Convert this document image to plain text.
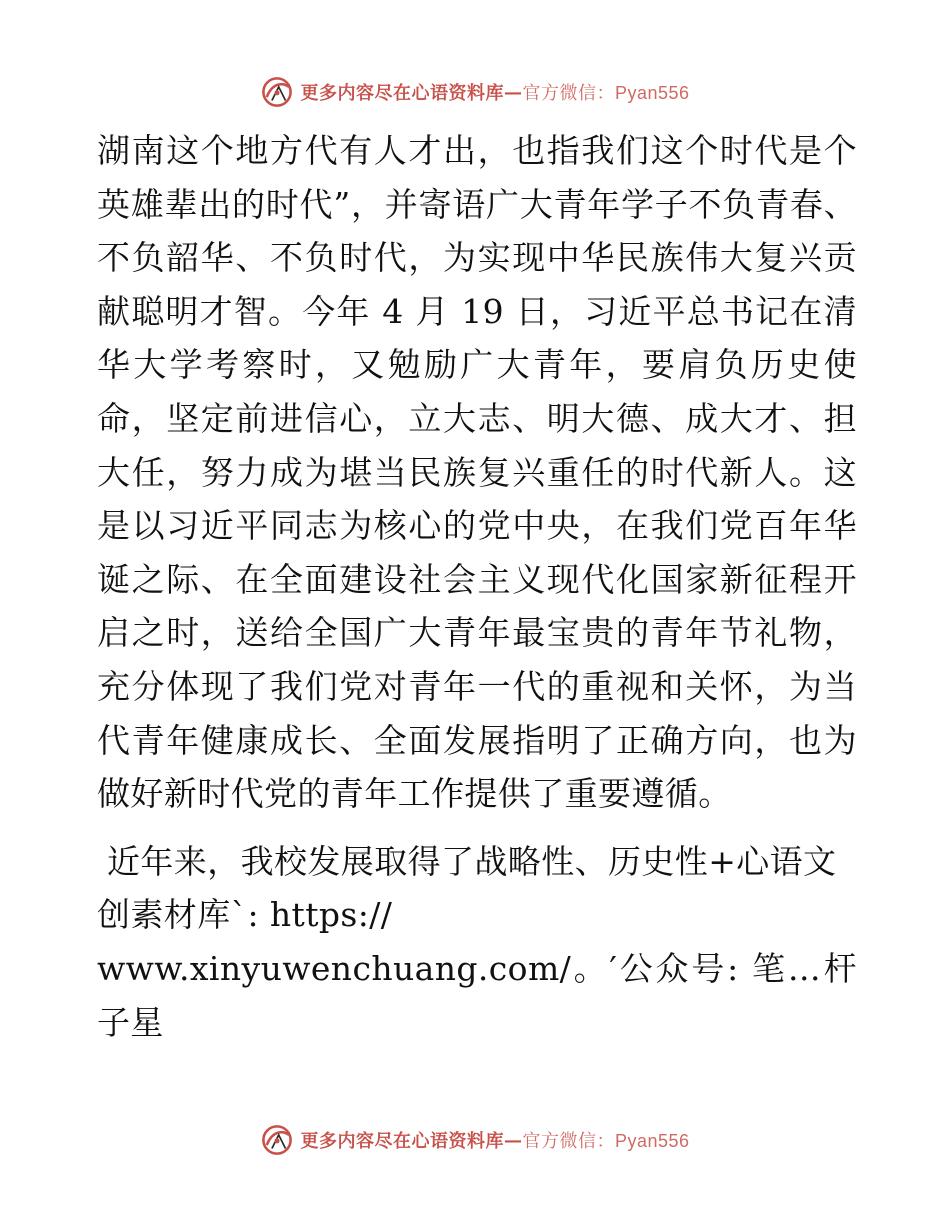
更多内容尽在心语资料库 — 官方微信：Pyan556

湖南这个地方代有人才出，也指我们这个时代是个英雄辈出的时代”，并寄语广大青年学子不负青春、不负韶华、不负时代，为实现中华民族伟大复兴贡献聪明才智。今年 4 月 19 日，习近平总书记在清华大学考察时，又勉励广大青年，要肩负历史使命，坚定前进信心，立大志、明大德、成大才、担大任，努力成为堪当民族复兴重任的时代新人。这是以习近平同志为核心的党中央，在我们党百年华诞之际、在全面建设社会主义现代化国家新征程开启之时，送给全国广大青年最宝贵的青年节礼物，充分体现了我们党对青年一代的重视和关怀，为当代青年健康成长、全面发展指明了正确方向，也为做好新时代党的青年工作提供了重要遵循。

近年来，我校发展取得了战略性、历史性+心语文
创素材库`: https://
www.xinyuwenchuang.com/。′公众号: 笔…杆子星

更多内容尽在心语资料库 — 官方微信：Pyan556
